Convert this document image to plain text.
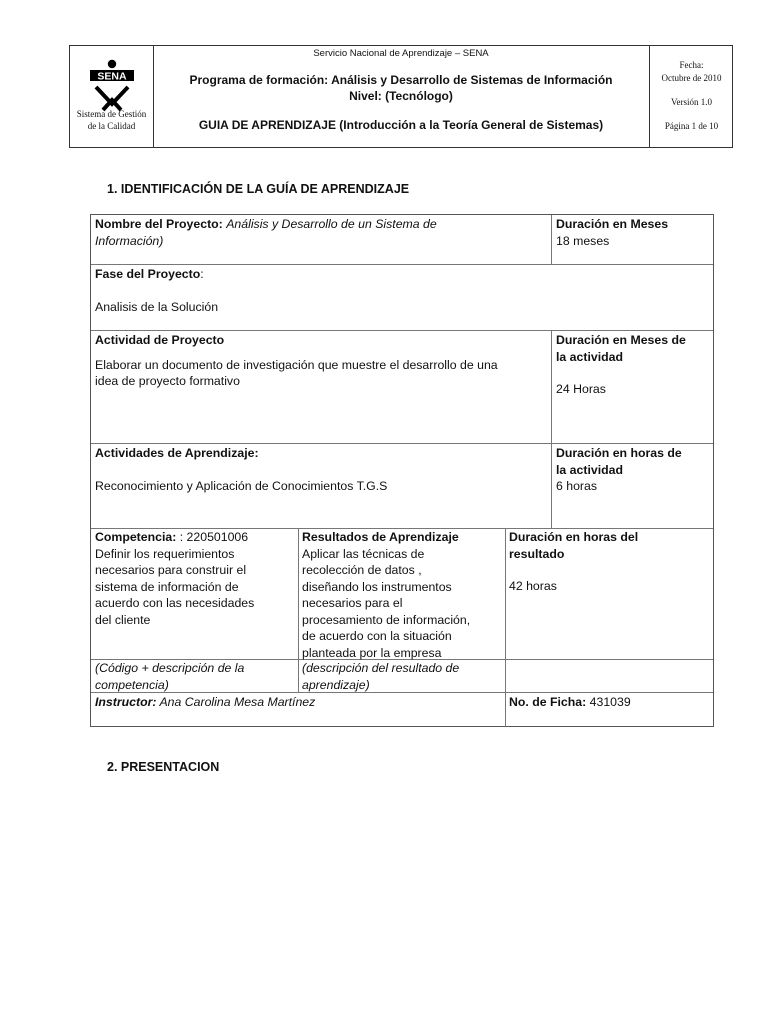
SENA
Sistema de Gestión
de la Calidad
Servicio Nacional de Aprendizaje – SENA
Programa de formación: Análisis y Desarrollo de Sistemas de Información
Nivel: (Tecnólogo)
GUIA DE APRENDIZAJE (Introducción a la Teoría General de Sistemas)
Fecha:
Octubre de 2010
Versión 1.0
Página 1 de 10
1. IDENTIFICACIÓN DE LA GUÍA DE APRENDIZAJE
Nombre del Proyecto: Análisis y Desarrollo de un Sistema de
Información)
Duración en Meses
18 meses
Fase del Proyecto:
Analisis de la Solución
Actividad de Proyecto
Elaborar un documento de investigación que muestre el desarrollo de una
idea de proyecto formativo
Duración en Meses de
la actividad
24 Horas
Actividades de Aprendizaje:
Reconocimiento y Aplicación de Conocimientos T.G.S
Duración en horas de
la actividad
6 horas
Competencia: : 220501006
Definir los requerimientos
necesarios para construir el
sistema de información de
acuerdo con las necesidades
del cliente
Resultados de Aprendizaje
Aplicar las técnicas de
recolección de datos ,
diseñando los instrumentos
necesarios para el
procesamiento de información,
de acuerdo con la situación
planteada por la empresa
Duración en horas del
resultado
42 horas
(Código + descripción de la
competencia)
(descripción del resultado de
aprendizaje)
Instructor: Ana Carolina Mesa Martínez	No. de Ficha: 431039
2. PRESENTACION
